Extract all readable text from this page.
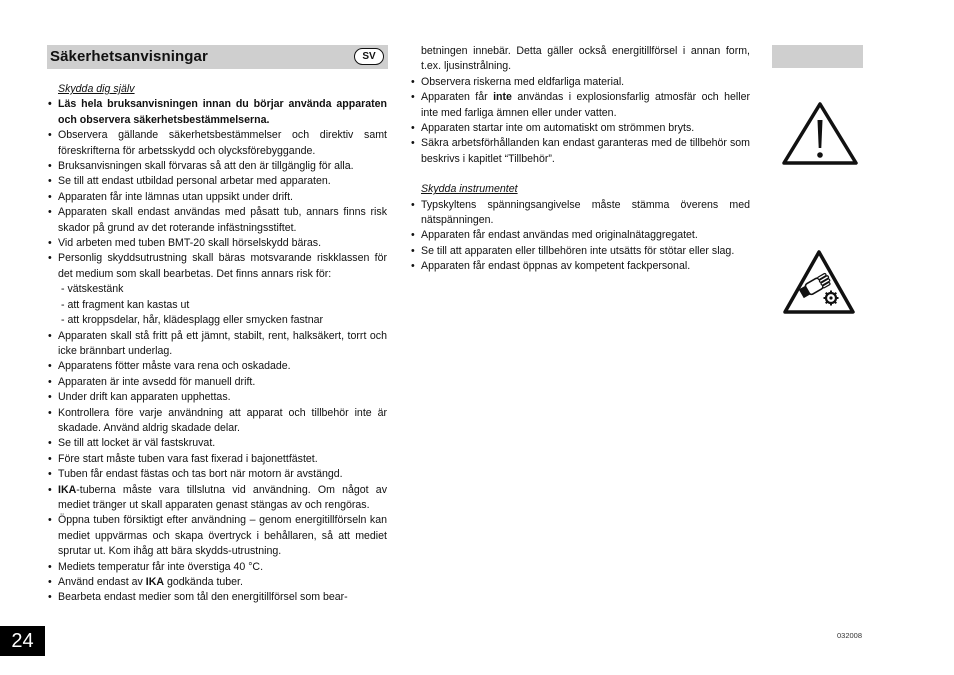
Säkerhetsanvisningar	SV
Skydda dig själv
• Läs hela bruksanvisningen innan du börjar använda apparaten och observera säkerhetsbestämmelserna.
• Observera gällande säkerhetsbestämmelser och direktiv samt föreskrifterna för arbetsskydd och olycksförebyggande.
• Bruksanvisningen skall förvaras så att den är tillgänglig för alla.
• Se till att endast utbildad personal arbetar med apparaten.
• Apparaten får inte lämnas utan uppsikt under drift.
• Apparaten skall endast användas med påsatt tub, annars finns risk skador på grund av det roterande infästningsstiftet.
• Vid arbeten med tuben BMT-20 skall hörselskydd bäras.
• Personlig skyddsutrustning skall bäras motsvarande riskklassen för det medium som skall bearbetas. Det finns annars risk för:
- vätskestänk
- att fragment kan kastas ut
- att kroppsdelar, hår, klädesplagg eller smycken fastnar
• Apparaten skall stå fritt på ett jämnt, stabilt, rent, halksäkert, torrt och icke brännbart underlag.
• Apparatens fötter måste vara rena och oskadade.
• Apparaten är inte avsedd för manuell drift.
• Under drift kan apparaten upphettas.
• Kontrollera före varje användning att apparat och tillbehör inte är skadade. Använd aldrig skadade delar.
• Se till att locket är väl fastskruvat.
• Före start måste tuben vara fast fixerad i bajonettfästet.
• Tuben får endast fästas och tas bort när motorn är avstängd.
• IKA-tuberna måste vara tillslutna vid användning. Om något av mediet tränger ut skall apparaten genast stängas av och rengöras.
• Öppna tuben försiktigt efter användning – genom energitillförseln kan mediet uppvärmas och skapa övertryck i behållaren, så att mediet sprutar ut. Kom ihåg att bära skydds-utrustning.
• Mediets temperatur får inte överstiga 40 °C.
• Använd endast av IKA godkända tuber.
• Bearbeta endast medier som tål den energitillförsel som bear-
betningen innebär. Detta gäller också energitillförsel i annan form, t.ex. ljusinstrålning.
• Observera riskerna med eldfarliga material.
• Apparaten får inte användas i explosionsfarlig atmosfär och heller inte med farliga ämnen eller under vatten.
• Apparaten startar inte om automatiskt om strömmen bryts.
• Säkra arbetsförhållanden kan endast garanteras med de tillbehör som beskrivs i kapitlet “Tillbehör”.
Skydda instrumentet
• Typskyltens spänningsangivelse måste stämma överens med nätspänningen.
• Apparaten får endast användas med originalnätaggregatet.
• Se till att apparaten eller tillbehören inte utsätts för stötar eller slag.
• Apparaten får endast öppnas av kompetent fackpersonal.
24	032008
